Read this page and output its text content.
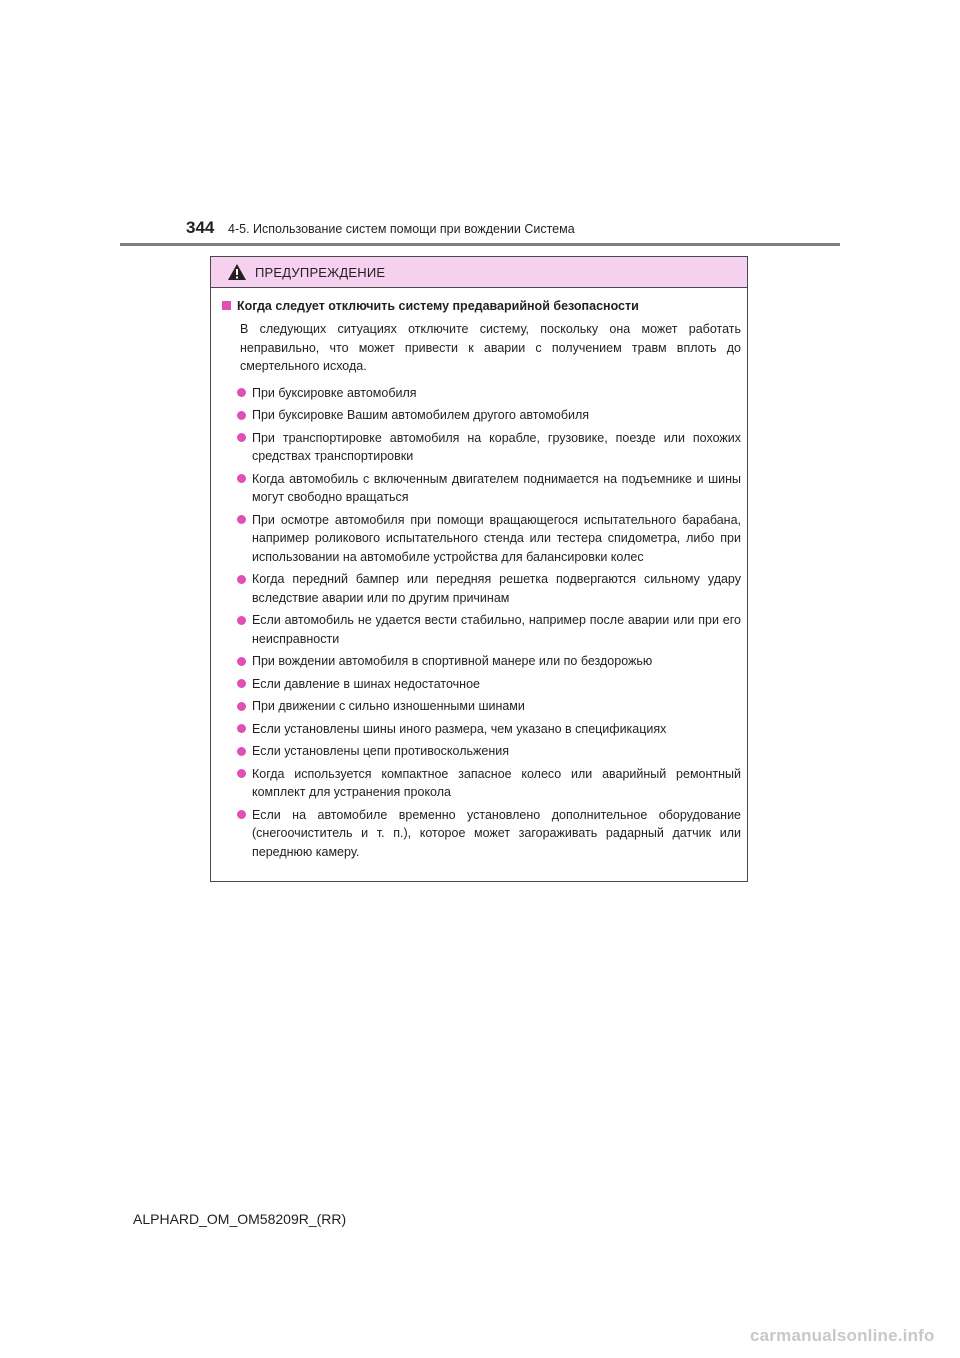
344 4-5. Использование систем помощи при вождении Система
ПРЕДУПРЕЖДЕНИЕ
Когда следует отключить систему предаварийной безопасности

В следующих ситуациях отключите систему, поскольку она может работать неправильно, что может привести к аварии с получением травм вплоть до смертельного исхода.

При буксировке автомобиля
При буксировке Вашим автомобилем другого автомобиля
При транспортировке автомобиля на корабле, грузовике, поезде или похожих средствах транспортировки
Когда автомобиль с включенным двигателем поднимается на подъемнике и шины могут свободно вращаться
При осмотре автомобиля при помощи вращающегося испытательного барабана, например роликового испытательного стенда или тестера спидометра, либо при использовании на автомобиле устройства для балансировки колес
Когда передний бампер или передняя решетка подвергаются сильному удару вследствие аварии или по другим причинам
Если автомобиль не удается вести стабильно, например после аварии или при его неисправности
При вождении автомобиля в спортивной манере или по бездорожью
Если давление в шинах недостаточное
При движении с сильно изношенными шинами
Если установлены шины иного размера, чем указано в спецификациях
Если установлены цепи противоскольжения
Когда используется компактное запасное колесо или аварийный ремонтный комплект для устранения прокола
Если на автомобиле временно установлено дополнительное оборудование (снегоочиститель и т. п.), которое может загораживать радарный датчик или переднюю камеру.
ALPHARD_OM_OM58209R_(RR)
carmanualsonline.info
